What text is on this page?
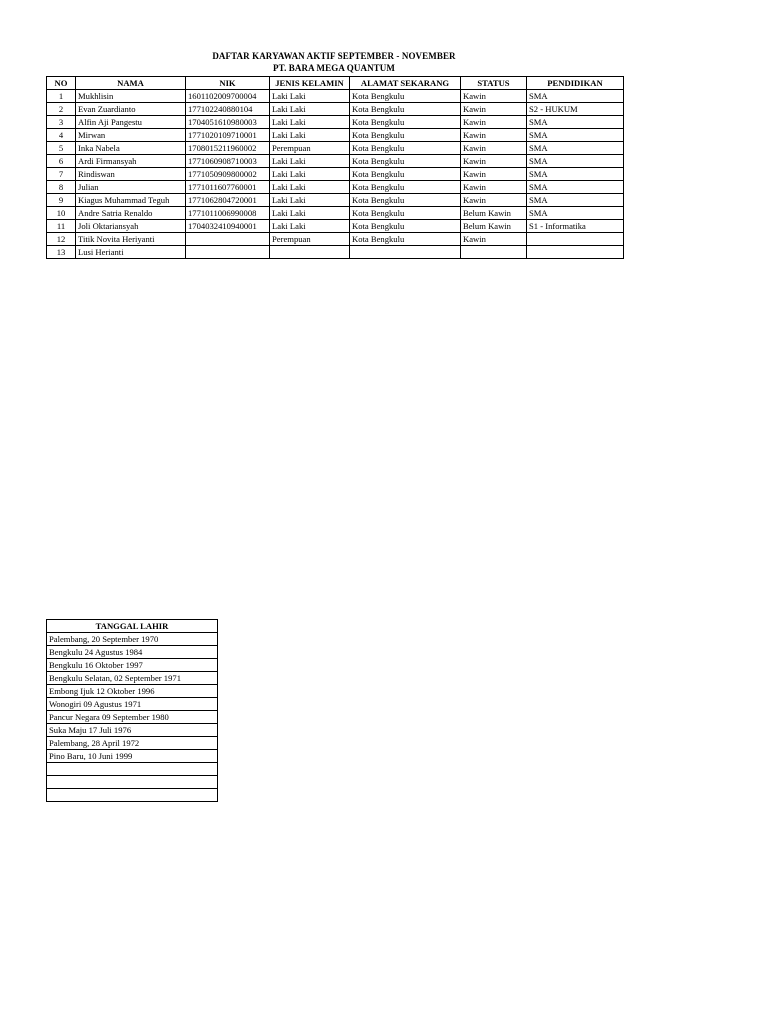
DAFTAR KARYAWAN AKTIF SEPTEMBER - NOVEMBER
PT. BARA MEGA QUANTUM
NO	NAMA	NIK	JENIS KELAMIN	ALAMAT SEKARANG	STATUS	PENDIDIKAN
1	Mukhlisin	1601102009700004	Laki Laki	Kota Bengkulu	Kawin	SMA
2	Evan Zuardianto	177102240880104	Laki Laki	Kota Bengkulu	Kawin	S2 - HUKUM
3	Alfin Aji Pangestu	1704051610980003	Laki Laki	Kota Bengkulu	Kawin	SMA
4	Mirwan	1771020109710001	Laki Laki	Kota Bengkulu	Kawin	SMA
5	Inka Nabela	1708015211960002	Perempuan	Kota Bengkulu	Kawin	SMA
6	Ardi Firmansyah	1771060908710003	Laki Laki	Kota Bengkulu	Kawin	SMA
7	Rindiswan	1771050909800002	Laki Laki	Kota Bengkulu	Kawin	SMA
8	Julian	1771011607760001	Laki Laki	Kota Bengkulu	Kawin	SMA
9	Kiagus Muhammad Teguh	1771062804720001	Laki Laki	Kota Bengkulu	Kawin	SMA
10	Andre Satria Renaldo	1771011006990008	Laki Laki	Kota Bengkulu	Belum Kawin	SMA
11	Joli Oktariansyah	1704032410940001	Laki Laki	Kota Bengkulu	Belum Kawin	S1 - Informatika
12	Titik Novita Heriyanti		Perempuan	Kota Bengkulu	Kawin	
13	Lusi Herianti					
TANGGAL LAHIR
Palembang, 20 September 1970
Bengkulu 24 Agustus 1984
Bengkulu 16 Oktober 1997
Bengkulu Selatan, 02 September 1971
Embong Ijuk 12 Oktober 1996
Wonogiri 09 Agustus 1971
Pancur Negara 09 September 1980
Suka Maju 17 Juli 1976
Palembang, 28 April 1972
Pino Baru, 10 Juni 1999
